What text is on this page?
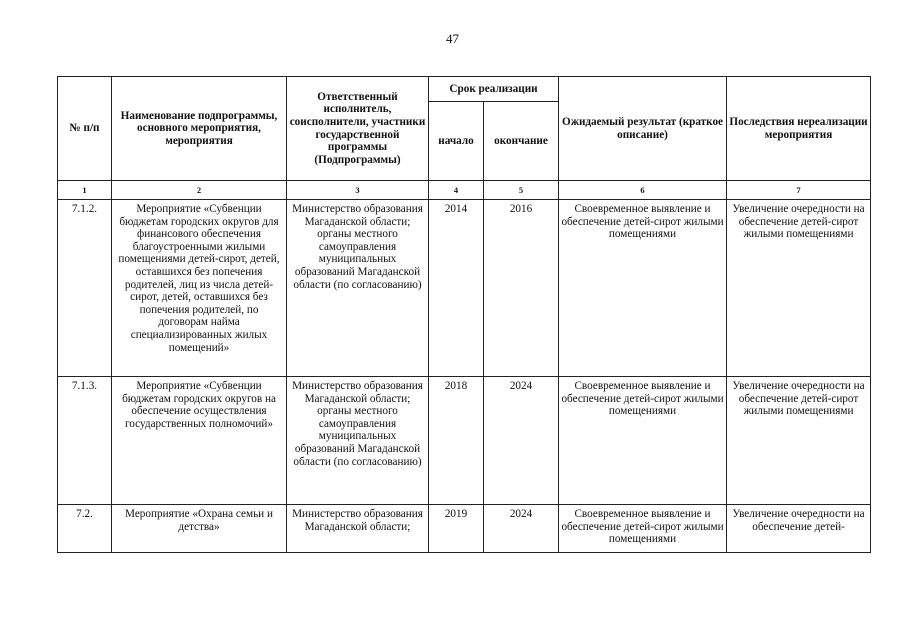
47
№ п/п	Наименование подпрограммы, основного мероприятия, мероприятия	Ответственный исполнитель, соисполнители, участники государственной программы (Подпрограммы)	Срок реализации		Ожидаемый результат (краткое описание)	Последствия нереализации мероприятия
			начало	окончание		
1	2	3	4	5	6	7
7.1.2.	Мероприятие «Субвенции бюджетам городских округов для финансового обеспечения благоустроенными жилыми помещениями детей-сирот, детей, оставшихся без попечения родителей, лиц из числа детей-сирот, детей, оставшихся без попечения родителей, по договорам найма специализированных жилых помещений»	Министерство образования Магаданской области; органы местного самоуправления муниципальных образований Магаданской области (по согласованию)	2014	2016	Своевременное выявление и обеспечение детей-сирот жилыми помещениями	Увеличение очередности на обеспечение детей-сирот жилыми помещениями
7.1.3.	Мероприятие «Субвенции бюджетам городских округов на обеспечение осуществления государственных полномочий»	Министерство образования Магаданской области; органы местного самоуправления муниципальных образований Магаданской области (по согласованию)	2018	2024	Своевременное выявление и обеспечение детей-сирот жилыми помещениями	Увеличение очередности на обеспечение детей-сирот жилыми помещениями
7.2.	Мероприятие «Охрана семьи и детства»	Министерство образования Магаданской области;	2019	2024	Своевременное выявление и обеспечение детей-сирот жилыми помещениями	Увеличение очередности на обеспечение детей-
